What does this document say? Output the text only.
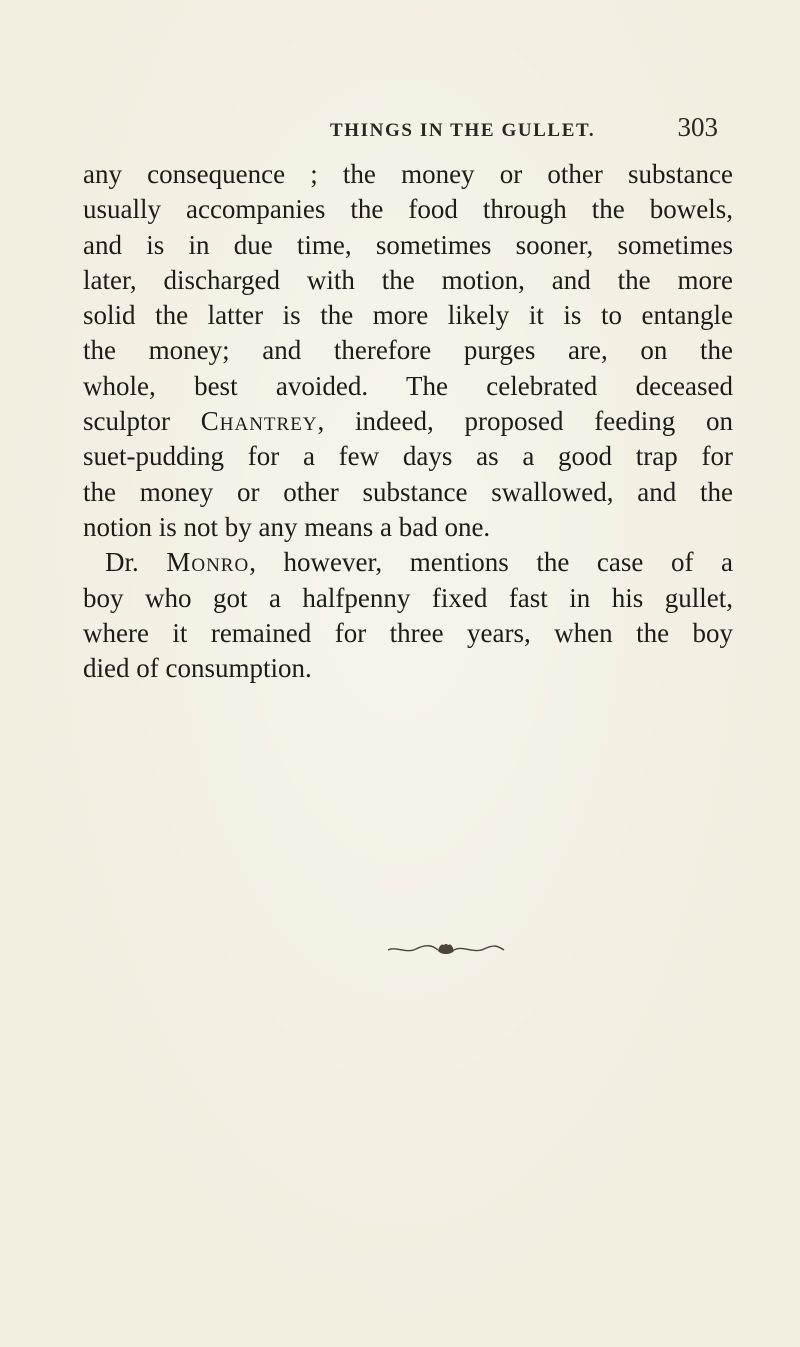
THINGS IN THE GULLET.	303
any consequence ; the money or other substance
usually accompanies the food through the bowels,
and is in due time, sometimes sooner, sometimes
later, discharged with the motion, and the more
solid the latter is the more likely it is to entangle
the money; and therefore purges are, on the
whole, best avoided. The celebrated deceased
sculptor Chantrey, indeed, proposed feeding on
suet-pudding for a few days as a good trap for
the money or other substance swallowed, and the
notion is not by any means a bad one.
Dr. Monro, however, mentions the case of a
boy who got a halfpenny fixed fast in his gullet,
where it remained for three years, when the boy
died of consumption.
